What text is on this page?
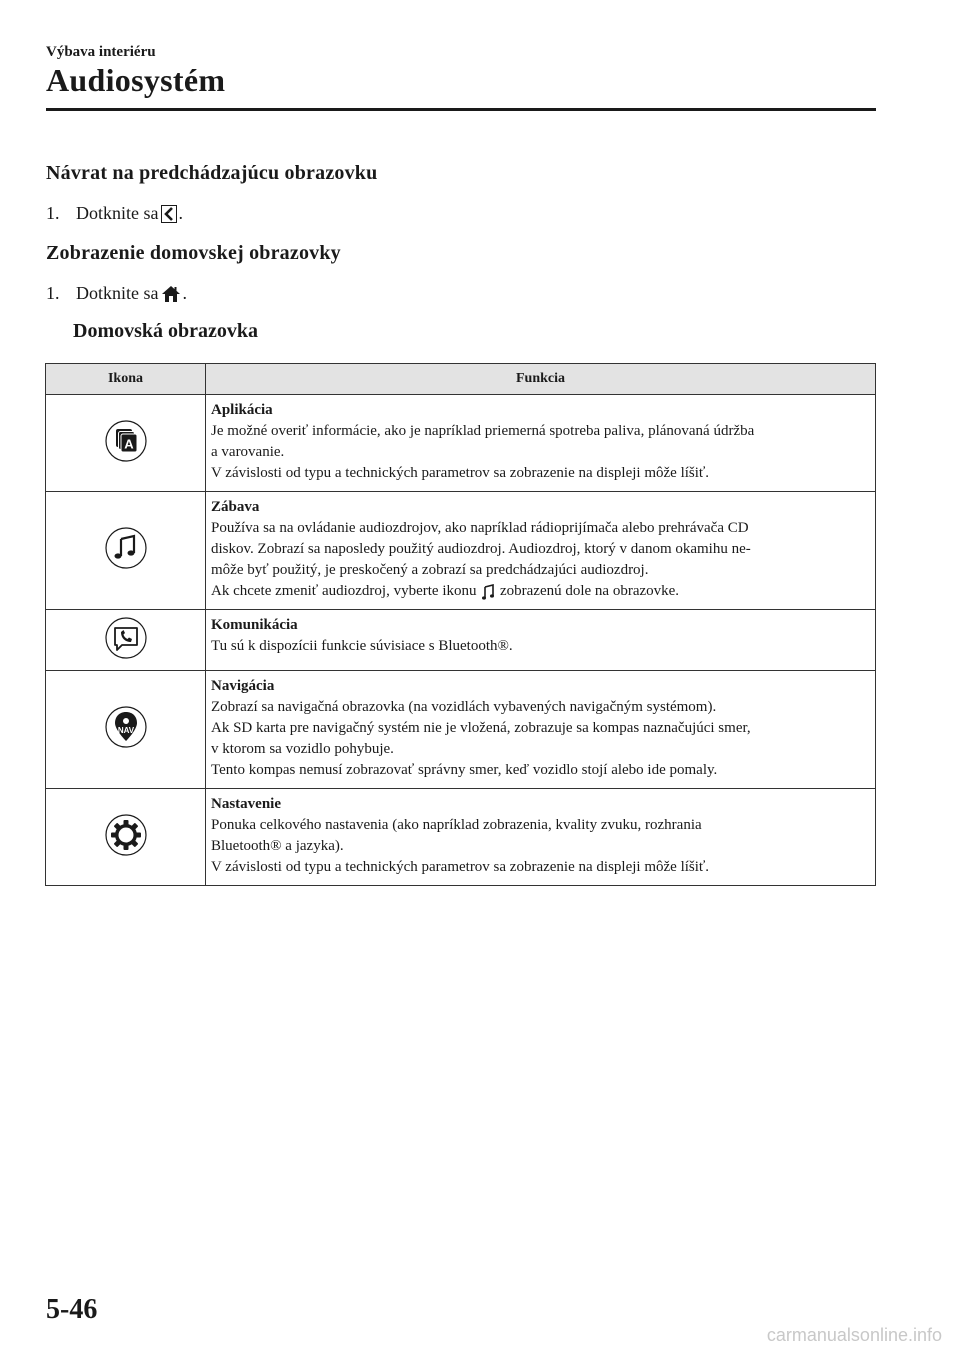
Výbava interiéru
Audiosystém
Návrat na predchádzajúcu obrazovku
1. Dotknite sa .
Zobrazenie domovskej obrazovky
1. Dotknite sa .
Domovská obrazovka
Ikona	Funkcia

A	Aplikácia
Je možné overiť informácie, ako je napríklad priemerná spotreba paliva, plánovaná údržba
a varovanie.
V závislosti od typu a technických parametrov sa zobrazenie na displeji môže líšiť.

Zábava
Používa sa na ovládanie audiozdrojov, ako napríklad rádioprijímača alebo prehrávača CD
diskov. Zobrazí sa naposledy použitý audiozdroj. Audiozdroj, ktorý v danom okamihu ne-
môže byť použitý, je preskočený a zobrazí sa predchádzajúci audiozdroj.
Ak chcete zmeniť audiozdroj, vyberte ikonu zobrazenú dole na obrazovke.

Komunikácia
Tu sú k dispozícii funkcie súvisiace s Bluetooth®.

NAV	Navigácia
Zobrazí sa navigačná obrazovka (na vozidlách vybavených navigačným systémom).
Ak SD karta pre navigačný systém nie je vložená, zobrazuje sa kompas naznačujúci smer,
v ktorom sa vozidlo pohybuje.
Tento kompas nemusí zobrazovať správny smer, keď vozidlo stojí alebo ide pomaly.

Nastavenie
Ponuka celkového nastavenia (ako napríklad zobrazenia, kvality zvuku, rozhrania
Bluetooth® a jazyka).
V závislosti od typu a technických parametrov sa zobrazenie na displeji môže líšiť.
5-46
carmanualsonline.info
